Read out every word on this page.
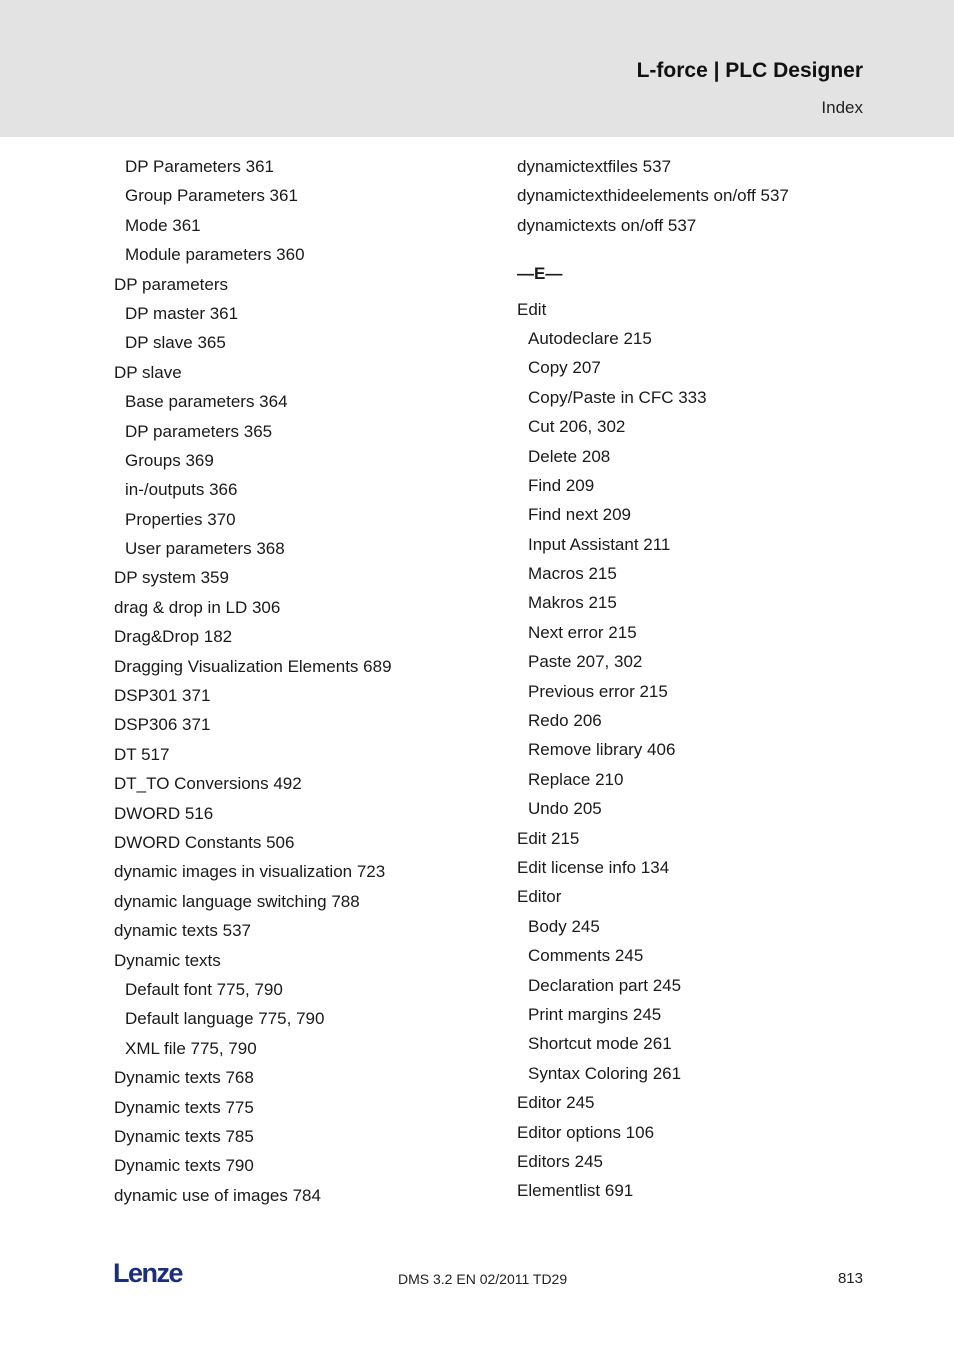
L-force | PLC Designer
Index
DP Parameters 361
Group Parameters 361
Mode 361
Module parameters 360
DP parameters
DP master 361
DP slave 365
DP slave
Base parameters 364
DP parameters 365
Groups 369
in-/outputs 366
Properties 370
User parameters 368
DP system 359
drag & drop in LD 306
Drag&Drop 182
Dragging Visualization Elements 689
DSP301 371
DSP306 371
DT 517
DT_TO Conversions 492
DWORD 516
DWORD Constants 506
dynamic images in visualization 723
dynamic language switching 788
dynamic texts 537
Dynamic texts
Default font 775, 790
Default language 775, 790
XML file 775, 790
Dynamic texts 768
Dynamic texts 775
Dynamic texts 785
Dynamic texts 790
dynamic use of images 784
dynamictextfiles 537
dynamictexthideelements on/off 537
dynamictexts on/off 537
—E—
Edit
Autodeclare 215
Copy 207
Copy/Paste in CFC 333
Cut 206, 302
Delete 208
Find 209
Find next 209
Input Assistant 211
Macros 215
Makros 215
Next error 215
Paste 207, 302
Previous error 215
Redo 206
Remove library 406
Replace 210
Undo 205
Edit 215
Edit license info 134
Editor
Body 245
Comments 245
Declaration part 245
Print margins 245
Shortcut mode 261
Syntax Coloring 261
Editor 245
Editor options 106
Editors 245
Elementlist 691
Lenze	DMS 3.2 EN 02/2011 TD29	813
